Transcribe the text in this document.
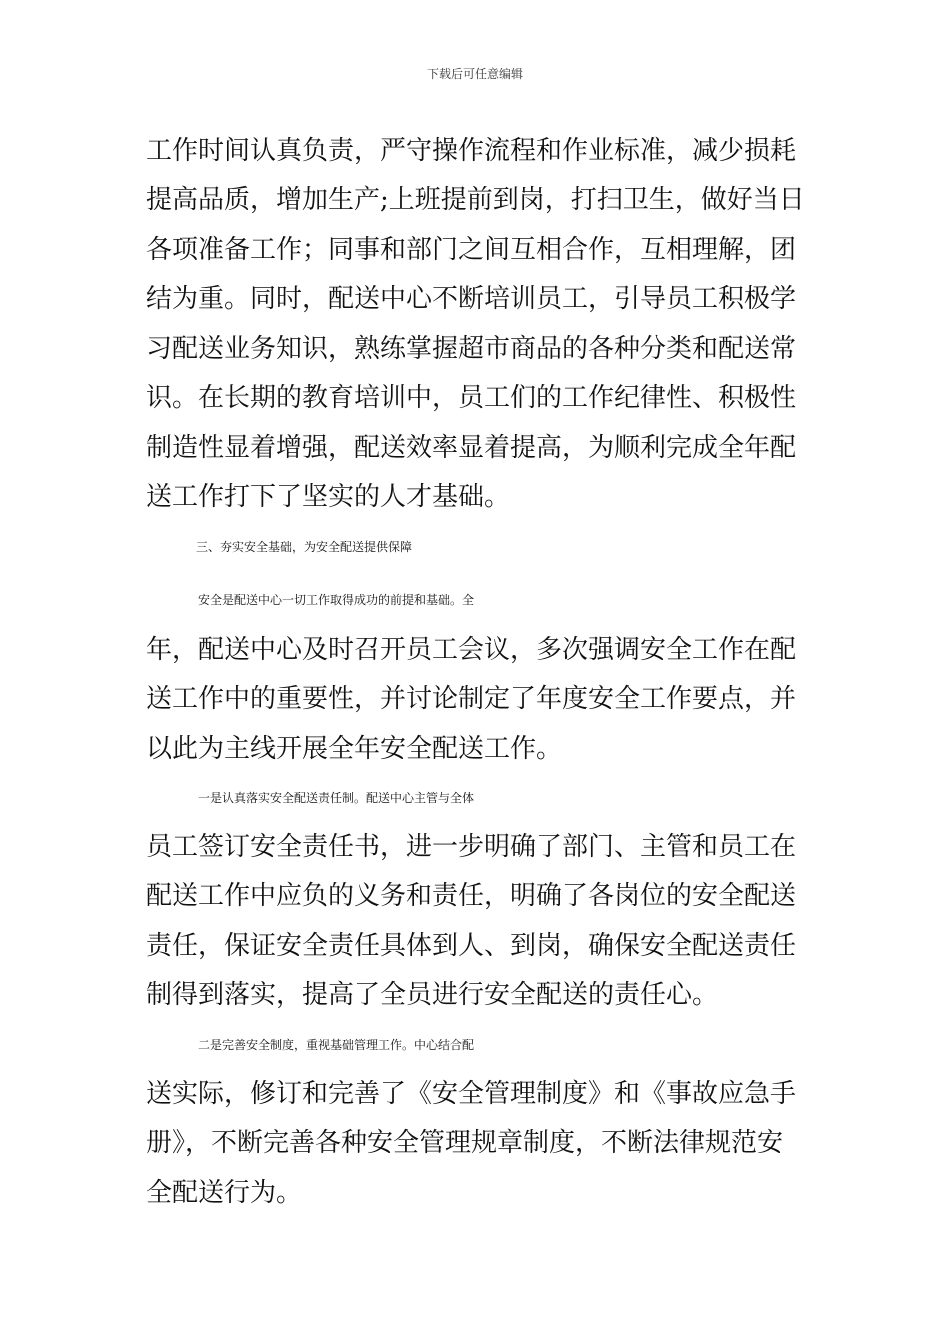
下载后可任意编辑
工作时间认真负责，严守操作流程和作业标准，减少损耗
提高品质，增加生产;上班提前到岗，打扫卫生，做好当日
各项准备工作；同事和部门之间互相合作，互相理解，团
结为重。同时，配送中心不断培训员工，引导员工积极学
习配送业务知识，熟练掌握超市商品的各种分类和配送常
识。在长期的教育培训中，员工们的工作纪律性、积极性
制造性显着增强，配送效率显着提高，为顺利完成全年配
送工作打下了坚实的人才基础。
三、夯实安全基础，为安全配送提供保障
安全是配送中心一切工作取得成功的前提和基础。全
年，配送中心及时召开员工会议，多次强调安全工作在配
送工作中的重要性，并讨论制定了年度安全工作要点，并
以此为主线开展全年安全配送工作。
一是认真落实安全配送责任制。配送中心主管与全体
员工签订安全责任书，进一步明确了部门、主管和员工在
配送工作中应负的义务和责任，明确了各岗位的安全配送
责任，保证安全责任具体到人、到岗，确保安全配送责任
制得到落实，提高了全员进行安全配送的责任心。
二是完善安全制度，重视基础管理工作。中心结合配
送实际，修订和完善了《安全管理制度》和《事故应急手
册》，不断完善各种安全管理规章制度，不断法律规范安
全配送行为。
